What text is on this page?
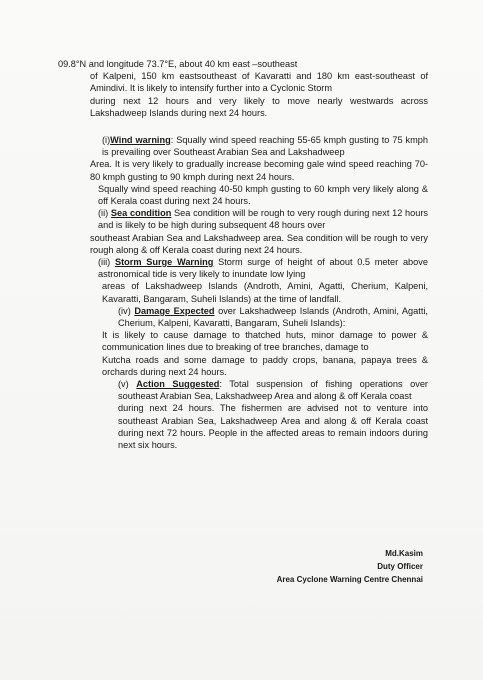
09.8°N and longitude 73.7°E, about 40 km east –southeast

of Kalpeni, 150 km eastsoutheast of Kavaratti and 180 km east-southeast of Amindivi. It is likely to intensify further into a Cyclonic Storm

during next 12 hours and very likely to move nearly westwards across Lakshadweep Islands during next 24 hours.

(i)Wind warning: Squally wind speed reaching 55-65 kmph gusting to 75 kmph is prevailing over Southeast Arabian Sea and Lakshadweep

Area. It is very likely to gradually increase becoming gale wind speed reaching 70-80 kmph gusting to 90 kmph during next 24 hours.

Squally wind speed reaching 40-50 kmph gusting to 60 kmph very likely along & off Kerala coast during next 24 hours.

(ii) Sea condition Sea condition will be rough to very rough during next 12 hours and is likely to be high during subsequent 48 hours over

southeast Arabian Sea and Lakshadweep area. Sea condition will be rough to very rough along & off Kerala coast during next 24 hours.

(iii) Storm Surge Warning Storm surge of height of about 0.5 meter above astronomical tide is very likely to inundate low lying

areas of Lakshadweep Islands (Androth, Amini, Agatti, Cherium, Kalpeni, Kavaratti, Bangaram, Suheli Islands) at the time of landfall.

(iv) Damage Expected over Lakshadweep Islands (Androth, Amini, Agatti, Cherium, Kalpeni, Kavaratti, Bangaram, Suheli Islands):

It is likely to cause damage to thatched huts, minor damage to power & communication lines due to breaking of tree branches, damage to

Kutcha roads and some damage to paddy crops, banana, papaya trees & orchards during next 24 hours.

(v) Action Suggested: Total suspension of fishing operations over southeast Arabian Sea, Lakshadweep Area and along & off Kerala coast

during next 24 hours. The fishermen are advised not to venture into southeast Arabian Sea, Lakshadweep Area and along & off Kerala coast during next 72 hours. People in the affected areas to remain indoors during next six hours.

Md.Kasim
Duty Officer
Area Cyclone Warning Centre Chennai
